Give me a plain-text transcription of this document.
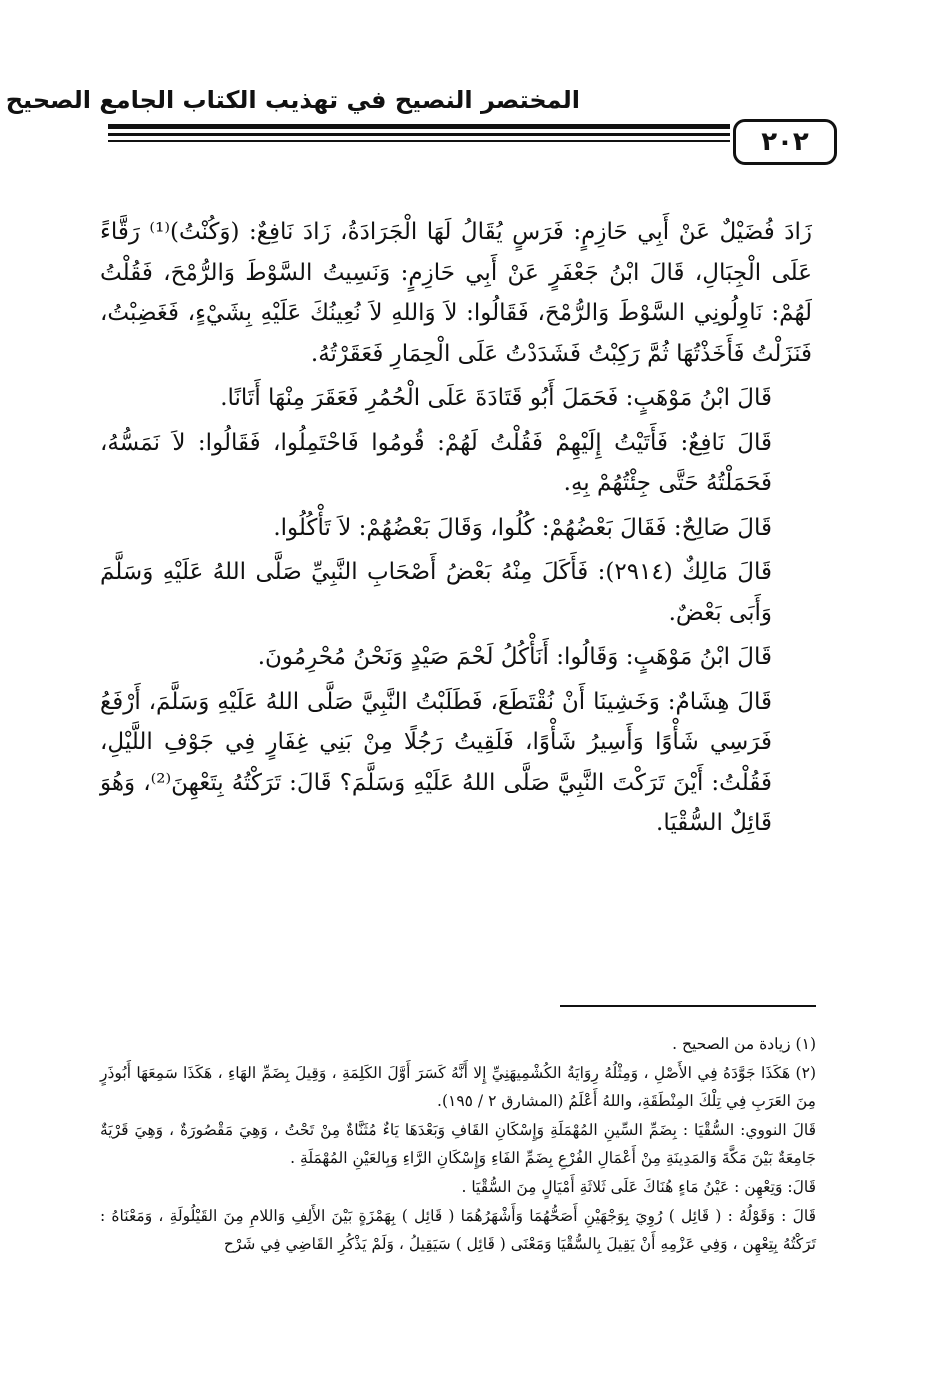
المختصر النصيح في تهذيب الكتاب الجامع الصحيح
٢٠٢

زَادَ فُضَيْلٌ عَنْ أَبِي حَازِمٍ: فَرَسٍ يُقَالُ لَهَا الْجَرَادَةُ، زَادَ نَافِعٌ: (وَكُنْتُ)⁽¹⁾ رَقَّاءً عَلَى الْجِبَالِ، قَالَ ابْنُ جَعْفَرٍ عَنْ أَبِي حَازِمٍ: وَنَسِيتُ السَّوْطَ وَالرُّمْحَ، فَقُلْتُ لَهُمْ: نَاوِلُونِي السَّوْطَ وَالرُّمْحَ، فَقَالُوا: لاَ وَاللهِ لاَ نُعِينُكَ عَلَيْهِ بِشَيْءٍ، فَغَضِبْتُ، فَنَزَلْتُ فَأَخَذْتُهَا ثُمَّ رَكِبْتُ فَشَدَدْتُ عَلَى الْحِمَارِ فَعَقَرْتُهُ.

قَالَ ابْنُ مَوْهَبٍ: فَحَمَلَ أَبُو قَتَادَةَ عَلَى الْحُمُرِ فَعَقَرَ مِنْهَا أَتَانًا.

قَالَ نَافِعٌ: فَأَتَيْتُ إِلَيْهِمْ فَقُلْتُ لَهُمْ: قُومُوا فَاحْتَمِلُوا، فَقَالُوا: لاَ نَمَسُّهُ، فَحَمَلْتُهُ حَتَّى جِئْتُهُمْ بِهِ.

قَالَ صَالِحٌ: فَقَالَ بَعْضُهُمْ: كُلُوا، وَقَالَ بَعْضُهُمْ: لاَ تَأْكُلُوا.

قَالَ مَالِكٌ (٢٩١٤): فَأَكَلَ مِنْهُ بَعْضُ أَصْحَابِ النَّبِيِّ صَلَّى اللهُ عَلَيْهِ وَسَلَّمَ وَأَبَى بَعْضٌ.

قَالَ ابْنُ مَوْهَبٍ: وَقَالُوا: أَنَأْكُلُ لَحْمَ صَيْدٍ وَنَحْنُ مُحْرِمُونَ.

قَالَ هِشَامٌ: وَخَشِينَا أَنْ نُقْتَطَعَ، فَطَلَبْتُ النَّبِيَّ صَلَّى اللهُ عَلَيْهِ وَسَلَّمَ، أَرْفَعُ فَرَسِي شَأْوًا وَأَسِيرُ شَأْوًا، فَلَقِيتُ رَجُلًا مِنْ بَنِي غِفَارٍ فِي جَوْفِ اللَّيْلِ، فَقُلْتُ: أَيْنَ تَرَكْتَ النَّبِيَّ صَلَّى اللهُ عَلَيْهِ وَسَلَّمَ؟ قَالَ: تَرَكْتُهُ بِتَعْهِنَ⁽²⁾، وَهُوَ قَائِلٌ السُّقْيَا.

(١) زيادة من الصحيح .

(٢) هَكَذَا جَوَّدَهُ فِي الأَصْلِ ، وَمِثْلُهُ رِوَايَةُ الكُشْمِيهَنِيِّ إِلا أَنَّهُ كَسَرَ أَوَّلَ الكَلِمَةِ ، وَقِيلَ بِضَمِّ الهَاءِ ، هَكَذَا سَمِعَهَا أَبُوذَرٍ مِنَ العَرَبِ فِي تِلْكَ المِنْطَقَةِ، واللهُ أَعْلَمُ (المشارق ٢ / ١٩٥).

قَالَ النووي: السُّقْيَا : بِضَمِّ السِّينِ المُهْمَلَةِ وَإِسْكَانِ القَافِ وَبَعْدَهَا يَاءٌ مُثَنَّاةٌ مِنْ تَحْتُ ، وَهِيَ مَقْصُورَةٌ ، وَهِيَ قَرْيَةٌ جَامِعَةٌ بَيْنَ مَكَّةَ وَالمَدِينَةِ مِنْ أَعْمَالِ الفُرْعِ بِضَمِّ الفَاءِ وَإِسْكَانِ الرَّاءِ وَبِالعَيْنِ المُهْمَلَةِ .

قَالَ: وَتِعْهِن : عَيْنُ مَاءٍ هُنَاكَ عَلَى ثَلاثَةِ أَمْيَالٍ مِنَ السُّقْيَا .

قَالَ : وَقَوْلُهُ : ( قَائِل ) رُوِيَ بِوَجْهَيْنِ أَصَحُّهُمَا وَأَشْهَرُهُمَا ( قَائِل ) بِهَمْزَةٍ بَيْنَ الأَلِفِ وَاللامِ مِنَ القَيْلُولَةِ ، وَمَعْنَاهُ : تَرَكْتُهُ بِتِعْهِن ، وَفِي عَزْمِهِ أَنْ يَقِيلَ بِالسُّقْيَا وَمَعْنَى ( قَائِل ) سَيَقِيلُ ، وَلَمْ يَذْكُرِ القَاضِي فِي شَرْح
